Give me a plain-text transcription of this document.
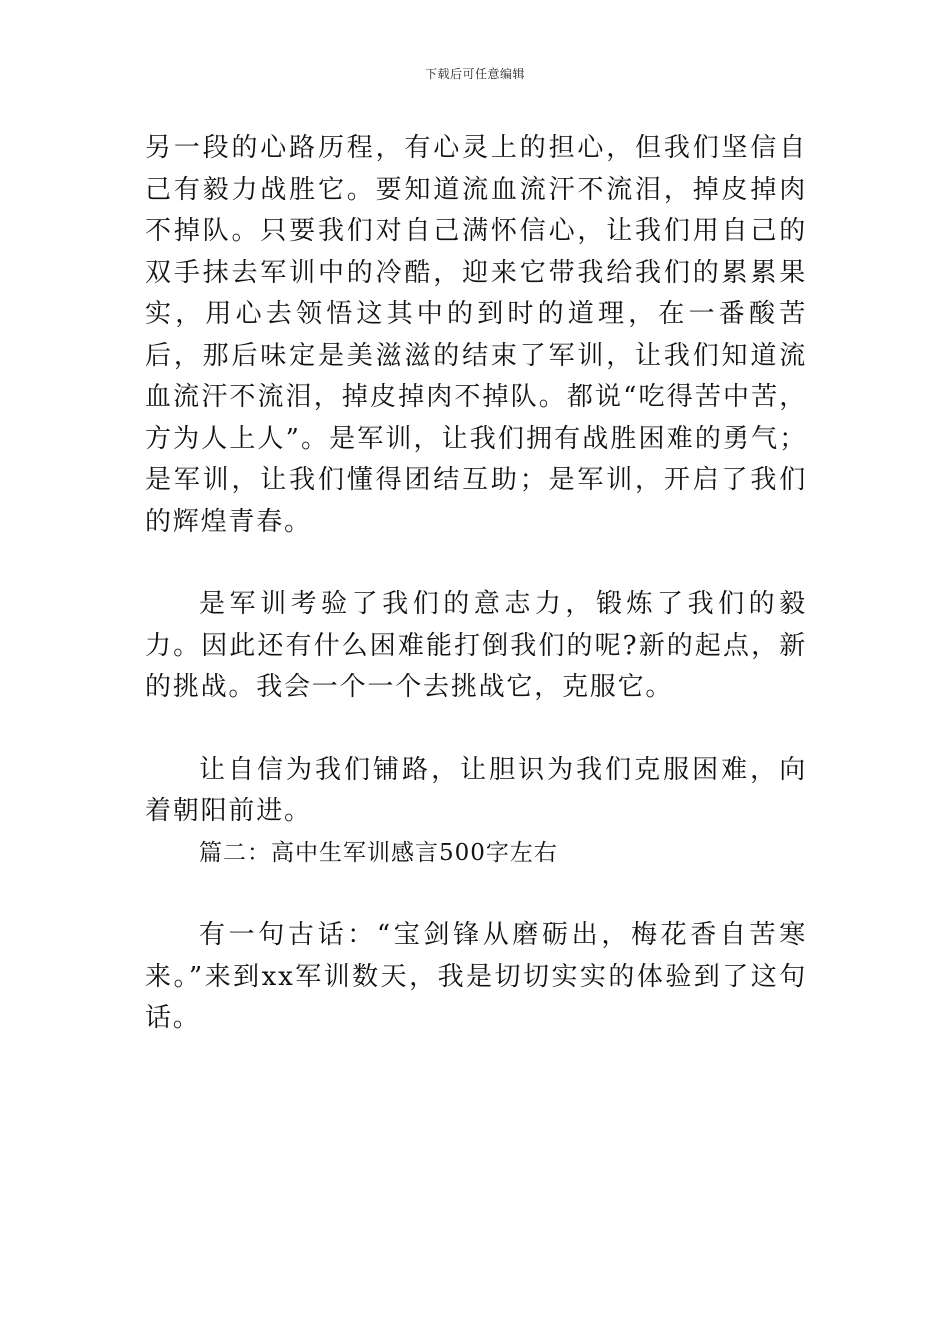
下载后可任意编辑

另一段的心路历程，有心灵上的担心，但我们坚信自己有毅力战胜它。要知道流血流汗不流泪，掉皮掉肉不掉队。只要我们对自己满怀信心，让我们用自己的双手抹去军训中的冷酷，迎来它带我给我们的累累果实，用心去领悟这其中的到时的道理，在一番酸苦后，那后味定是美滋滋的结束了军训，让我们知道流血流汗不流泪，掉皮掉肉不掉队。都说“吃得苦中苦，方为人上人”。是军训，让我们拥有战胜困难的勇气；是军训，让我们懂得团结互助；是军训，开启了我们的辉煌青春。

是军训考验了我们的意志力，锻炼了我们的毅力。因此还有什么困难能打倒我们的呢?新的起点，新的挑战。我会一个一个去挑战它，克服它。

让自信为我们铺路，让胆识为我们克服困难，向着朝阳前进。

篇二：高中生军训感言500字左右

有一句古话：“宝剑锋从磨砺出，梅花香自苦寒来。”来到xx军训数天，我是切切实实的体验到了这句话。
